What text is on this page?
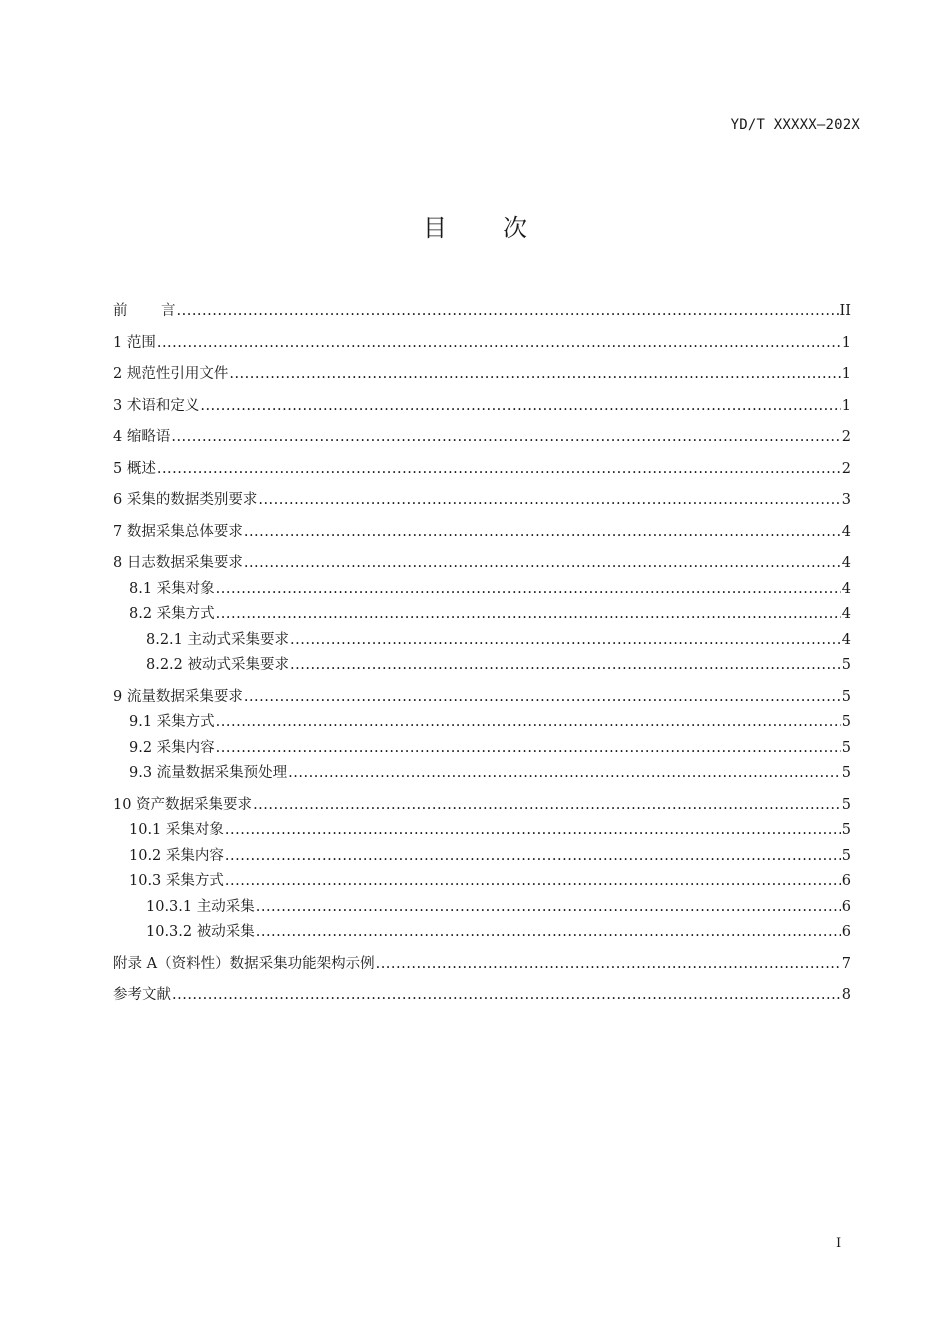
YD/T XXXXX—202X
目 次
前 言 .....	II
1 范围 .....	1
2 规范性引用文件 .....	1
3 术语和定义 .....	1
4 缩略语 .....	2
5 概述 .....	2
6 采集的数据类别要求 .....	3
7 数据采集总体要求 .....	4
8 日志数据采集要求 .....	4
8.1 采集对象 .....	4
8.2 采集方式 .....	4
8.2.1 主动式采集要求 .....	4
8.2.2 被动式采集要求 .....	5
9 流量数据采集要求 .....	5
9.1 采集方式 .....	5
9.2 采集内容 .....	5
9.3 流量数据采集预处理 .....	5
10 资产数据采集要求 .....	5
10.1 采集对象 .....	5
10.2 采集内容 .....	5
10.3 采集方式 .....	6
10.3.1 主动采集 .....	6
10.3.2 被动采集 .....	6
附录 A（资料性）数据采集功能架构示例 .....	7
参考文献 .....	8
I
